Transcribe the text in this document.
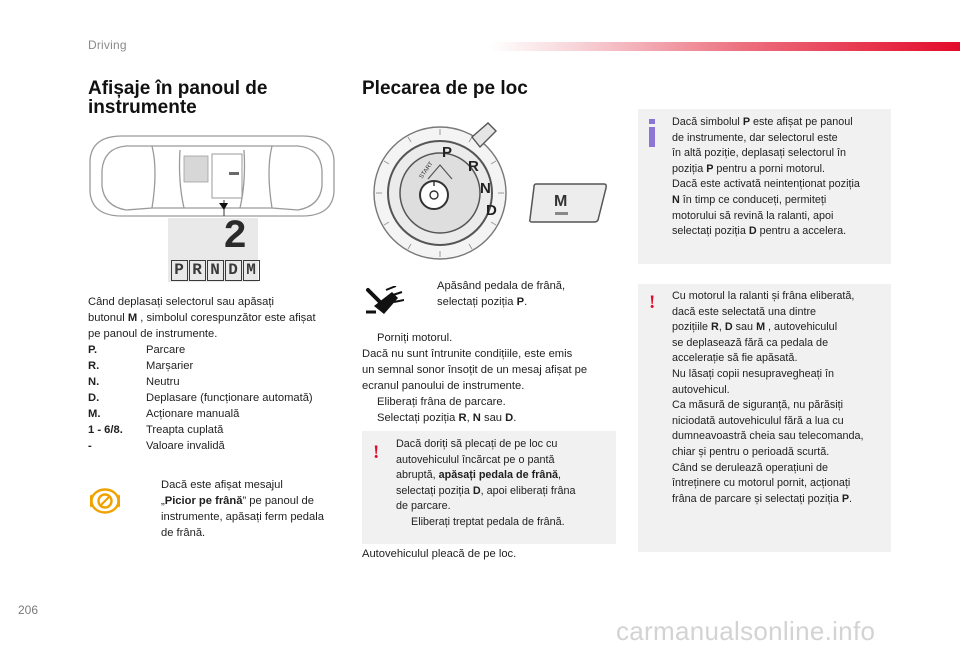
Driving
Afișaje în panoul de
instrumente
2
P R N D M

Când deplasați selectorul sau apăsați

butonul M , simbolul corespunzător este afișat

pe panoul de instrumente.

P.	Parcare
R.	Marșarier
N.	Neutru
D.	Deplasare (funcționare automată)
M.	Acționare manuală
1 - 6/8.	Treapta cuplată
-	Valoare invalidă
Dacă este afișat mesajul
„Picior pe frână” pe panoul de
instrumente, apăsați ferm pedala
de frână.
Plecarea de pe loc
P
R
N
D
START
M
Apăsând pedala de frână,
selectați poziția P.
Porniți motorul.

Dacă nu sunt întrunite condițiile, este emis

un semnal sonor însoțit de un mesaj afișat pe

ecranul panoului de instrumente.

Eliberați frâna de parcare.
Selectați poziția R, N sau D.
! Dacă doriți să plecați de pe loc cu

autovehiculul încărcat pe o pantă

abruptă, apăsați pedala de frână,

selectați poziția D, apoi eliberați frâna

de parcare.

Eliberați treptat pedala de frână.
Autovehiculul pleacă de pe loc.

Dacă simbolul P este afișat pe panoul

de instrumente, dar selectorul este

în altă poziție, deplasați selectorul în

poziția P pentru a porni motorul.

Dacă este activată neintenționat poziția

N în timp ce conduceți, permiteți

motorului să revină la ralanti, apoi

selectați poziția D pentru a accelera.

! Cu motorul la ralanti și frâna eliberată,

dacă este selectată una dintre

pozițiile R, D sau M , autovehiculul

se deplasează fără ca pedala de

accelerație să fie apăsată.

Nu lăsați copii nesupravegheați în

autovehicul.

Ca măsură de siguranță, nu părăsiți

niciodată autovehiculul fără a lua cu

dumneavoastră cheia sau telecomanda,

chiar și pentru o perioadă scurtă.

Când se derulează operațiuni de

întreținere cu motorul pornit, acționați

frâna de parcare și selectați poziția P.

206
carmanualsonline.info
